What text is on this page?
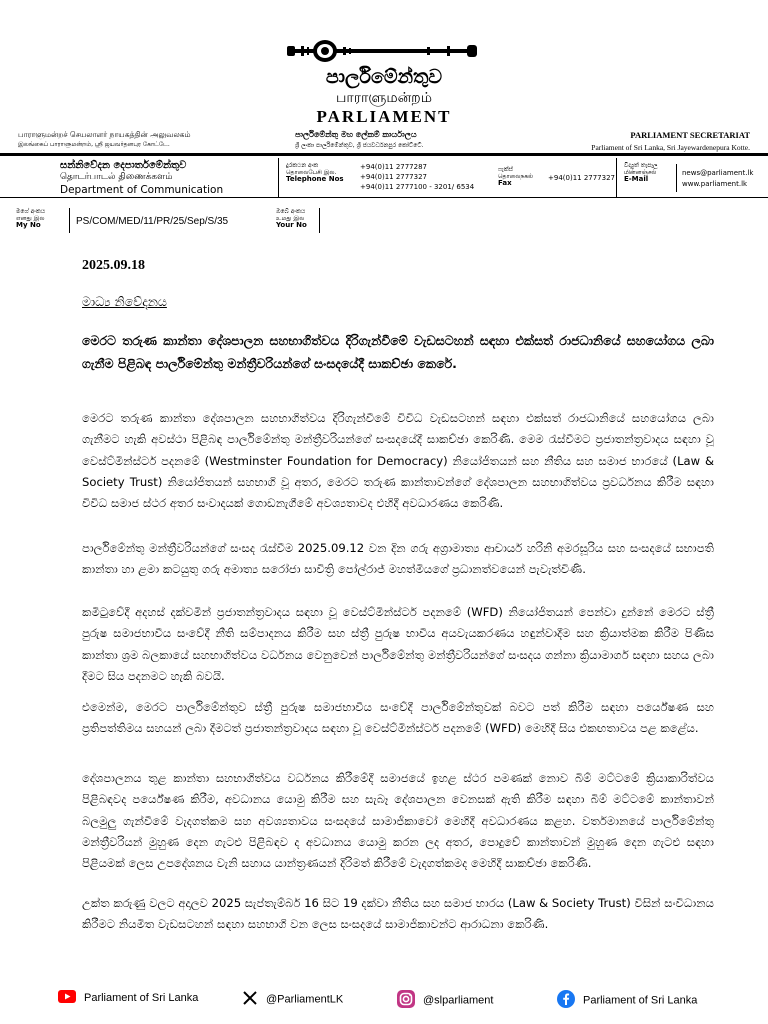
පාර්ලිමේන්තුව
பாராளுமன்றம்
PARLIAMENT
பாராளுமன்றச் செயலாளர் நாயகத்தின் அலுவலகம்
இலங்கைப் பாராளுமன்றம், ஸ்ரீ ஜயவர்தனபுர கோட்டே.
පාර්ලිමේන්තු මහ ලේකම් කාර්යාලය
ශ්‍රී ලංකා පාර්ලිමේන්තුව, ශ්‍රී ජයවර්ධනපුර කෝට්ටේ.
PARLIAMENT SECRETARIAT
Parliament of Sri Lanka, Sri Jayewardenepura Kotte.
සන්නිවේදන දෙපාර්තමේන්තුව
தொடர்பாடல் திணைக்களம்
Department of Communication
දුරකථන අංක
தொலைபேசி இல.
Telephone Nos
+94(0)11 2777287
+94(0)11 2777327
+94(0)11 2777100 - 3201/ 6534
ෆැක්ස්
தொலைநகல்
Fax
+94(0)11 2777327
විද්‍යුත් තැපෑල
மின்னஞ்சல்
E-Mail
news@parliament.lk
www.parliament.lk
මගේ අංකය
எனது இல
My No	PS/COM/MED/11/PR/25/Sep/S/35
ඔබේ අංකය
உமது இல
Your No
2025.09.18
මාධ්‍ය නිවේදනය
මෙරට තරුණ කාන්තා දේශපාලන සහභාගිත්වය දිරිගැන්වීමේ වැඩසටහන් සඳහා එක්සත් රාජධානියේ සහයෝගය ලබා ගැනීම පිළිබඳ පාර්ලිමේන්තු මන්ත්‍රීවරියන්ගේ සංසදයේදී සාකච්ඡා කෙරේ.
මෙරට තරුණ කාන්තා දේශපාලන සහභාගිත්වය දිරිගැන්වීමේ විවිධ වැඩසටහන් සඳහා එක්සත් රාජධානියේ සහයෝගය ලබා ගැනීමට හැකි අවස්ථා පිළිබඳ පාර්ලිමේන්තු මන්ත්‍රීවරියන්ගේ සංසදයේදී සාකච්ඡා කෙරිණි. මෙම රැස්වීමට ප්‍රජාතන්ත්‍රවාදය සඳහා වූ වෙස්ට්මින්ස්ටර් පදනමේ (Westminster Foundation for Democracy) නියෝජිතයන් සහ නීතිය සහ සමාජ භාරයේ (Law & Society Trust) නියෝජිතයන් සහභාගි වූ අතර, මෙරට තරුණ කාන්තාවන්ගේ දේශපාලන සහභාගිත්වය ප්‍රවර්ධනය කිරීම සඳහා විවිධ සමාජ ස්ථර අතර සංවාදයක් ගොඩනැගීමේ අවශ්‍යතාවද එහිදී අවධාරණය කෙරිණි.
පාර්ලිමේන්තු මන්ත්‍රීවරියන්ගේ සංසද රැස්වීම 2025.09.12 වන දින ගරු අග්‍රාමාත්‍ය ආචාර්ය හරිනි අමරසූරිය සහ සංසදයේ සභාපති කාන්තා හා ළමා කටයුතු ගරු අමාත්‍ය සරෝජා සාවිත්‍රි පෝල්රාජ් මහත්මියගේ ප්‍රධානත්වයෙන් පැවැත්විණි.
කමිටුවේදී අදහස් දක්වමින් ප්‍රජාතන්ත්‍රවාදය සඳහා වූ වෙස්ට්මින්ස්ටර් පදනමේ (WFD) නියෝජිතයන් පෙන්වා දුන්නේ මෙරට ස්ත්‍රී පුරුෂ සමාජභාවීය සංවේදී නීති සම්පාදනය කිරීම සහ ස්ත්‍රී පුරුෂ භාවීය අයවැයකරණය හඳුන්වාදීම සහ ක්‍රියාත්මක කිරීම පිණිස කාන්තා ශ්‍රම බලකායේ සහභාගිත්වය වර්ධනය වෙනුවෙන් පාර්ලිමේන්තු මන්ත්‍රීවරියන්ගේ සංසදය ගන්නා ක්‍රියාමාර්ග සඳහා සහය ලබා දීමට සිය පදනමට හැකි බවයි.
එමෙන්ම, මෙරට පාර්ලිමේන්තුව ස්ත්‍රී පුරුෂ සමාජභාවීය සංවේදී පාර්ලිමේන්තුවක් බවට පත් කිරීම සඳහා පර්යේෂණ සහ ප්‍රතිපත්තිමය සහයන් ලබා දීමටත් ප්‍රජාතන්ත්‍රවාදය සඳහා වූ වෙස්ට්මින්ස්ටර් පදනමේ (WFD) මෙහිදී සිය එකඟතාවය පළ කළේය.
දේශපාලනය තුළ කාන්තා සහභාගිත්වය වර්ධනය කිරීමේදී සමාජයේ ඉහළ ස්ථර පමණක් නොව බිම් මට්ටමේ ක්‍රියාකාරිත්වය පිළිබඳවද පර්යේෂණ කිරීම, අවධානය යොමු කිරීම සහ සැබෑ දේශපාලන වෙනසක් ඇති කිරීම සඳහා බිම් මට්ටමේ කාන්තාවන් බලමුලු ගැන්වීමේ වැදගත්කම සහ අවශ්‍යතාවය සංසදයේ සාමාජිකාවෝ මෙහිදී අවධාරණය කළහ. වර්තමානයේ පාර්ලිමේන්තු මන්ත්‍රීවරියන් මුහුණ දෙන ගැටළු පිළිබඳව ද අවධානය යොමු කරන ලද අතර, පොදුවේ කාන්තාවන් මුහුණ දෙන ගැටළු සඳහා පිළියමක් ලෙස උපදේශනය වැනි සහාය යාන්ත්‍රණයන් දිරිමත් කිරීමේ වැදගත්කමද මෙහිදී සාකච්ඡා කෙරිණි.
උක්ත කරුණු වලට අදාලව 2025 සැප්තැම්බර් 16 සිට 19 දක්වා නීතිය සහ සමාජ භාරය (Law & Society Trust) විසින් සංවිධානය කිරීමට නියමිත වැඩසටහන් සඳහා සහභාගි වන ලෙස සංසදයේ සාමාජිකාවන්ට ආරාධනා කෙරිණි.
Parliament of Sri Lanka	@ParliamentLK	@slparliament	Parliament of Sri Lanka
